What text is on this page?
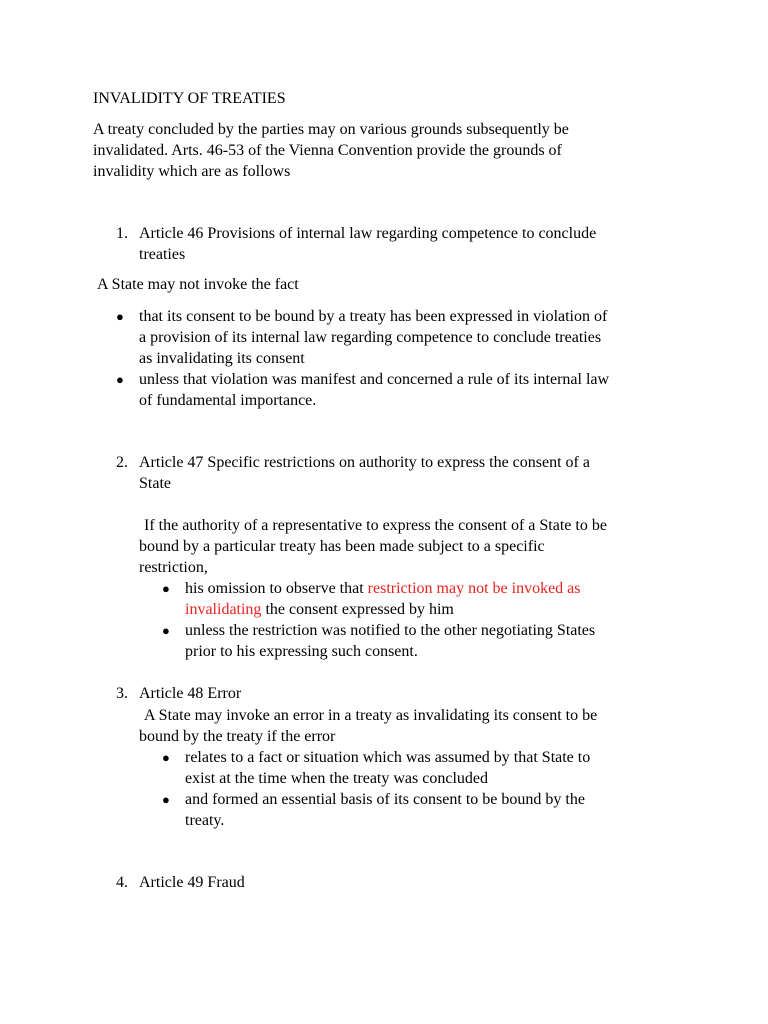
INVALIDITY OF TREATIES
A treaty concluded by the parties may on various grounds subsequently be
invalidated. Arts. 46-53 of the Vienna Convention provide the grounds of
invalidity which are as follows
1. Article 46 Provisions of internal law regarding competence to conclude
treaties
A State may not invoke the fact
● that its consent to be bound by a treaty has been expressed in violation of
a provision of its internal law regarding competence to conclude treaties
as invalidating its consent
● unless that violation was manifest and concerned a rule of its internal law
of fundamental importance.
2. Article 47 Specific restrictions on authority to express the consent of a
State
If the authority of a representative to express the consent of a State to be
bound by a particular treaty has been made subject to a specific
restriction,
● his omission to observe that restriction may not be invoked as
invalidating the consent expressed by him
● unless the restriction was notified to the other negotiating States
prior to his expressing such consent.
3. Article 48 Error
A State may invoke an error in a treaty as invalidating its consent to be
bound by the treaty if the error
● relates to a fact or situation which was assumed by that State to
exist at the time when the treaty was concluded
● and formed an essential basis of its consent to be bound by the
treaty.
4. Article 49 Fraud
